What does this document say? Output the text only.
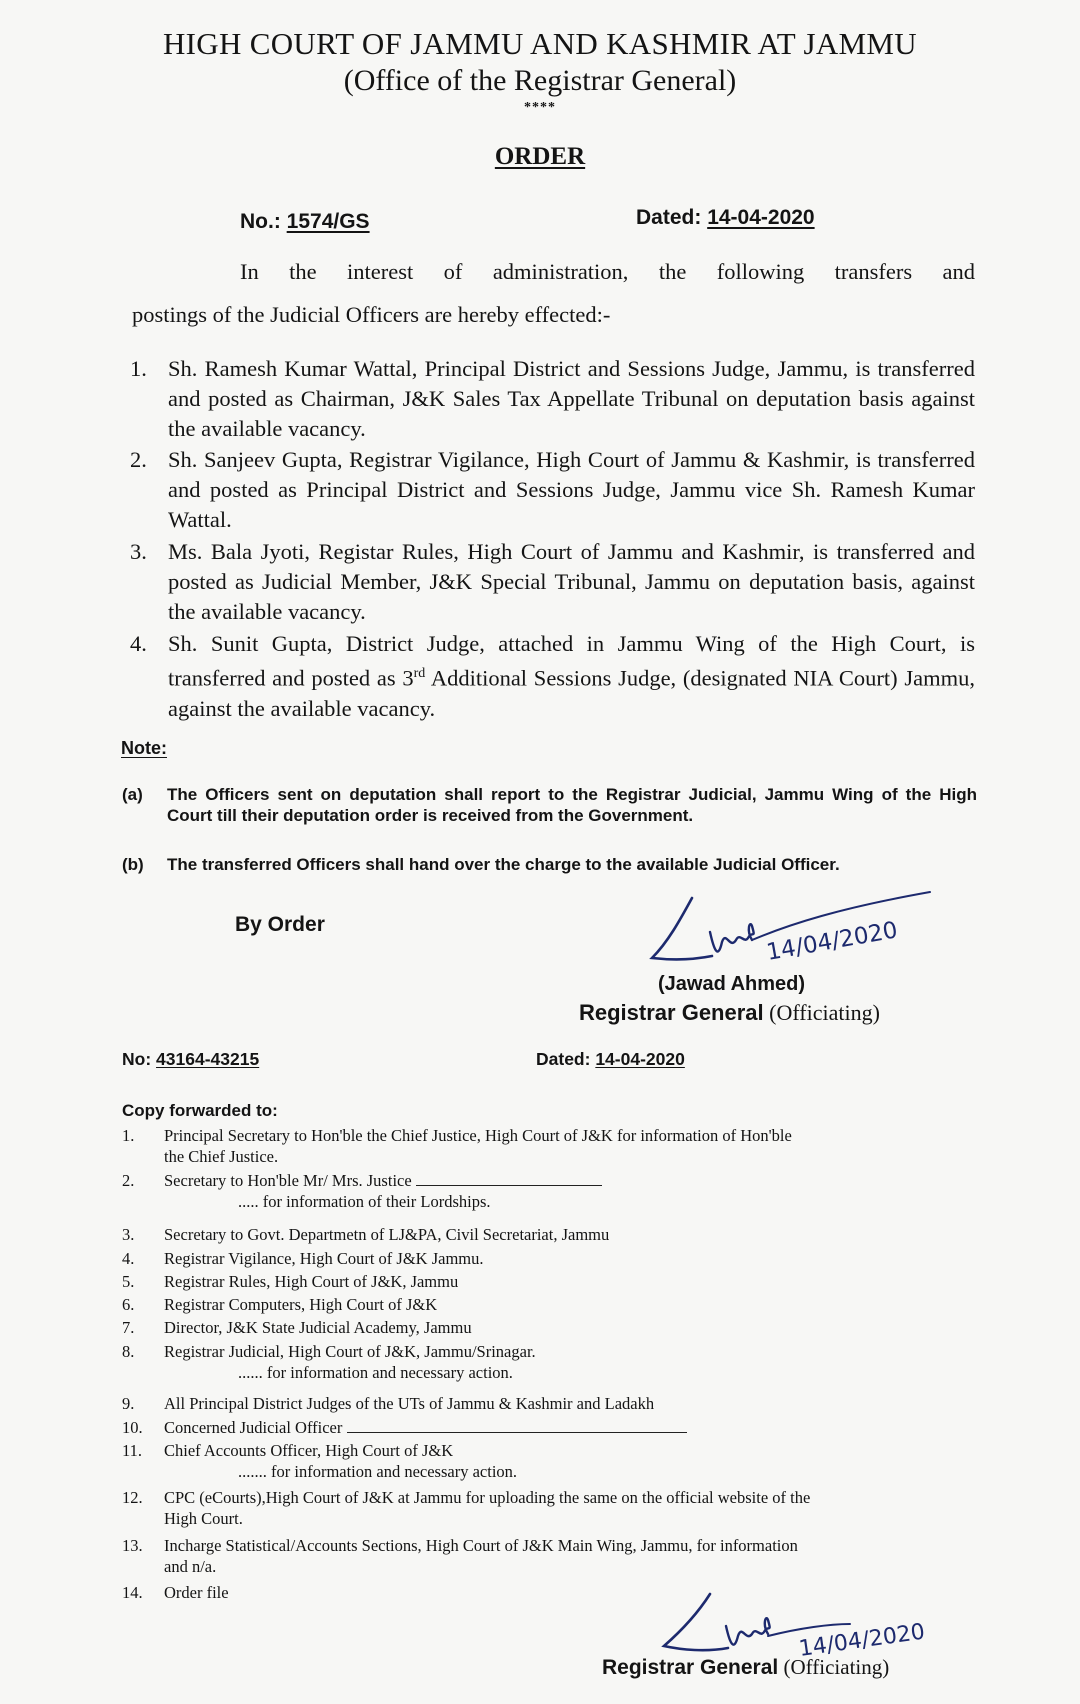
HIGH COURT OF JAMMU AND KASHMIR AT JAMMU
(Office of the Registrar General)
****
ORDER
No.: 1574/GS	Dated: 14-04-2020
In the interest of administration, the following transfers and
postings of the Judicial Officers are hereby effected:-
1. Sh. Ramesh Kumar Wattal, Principal District and Sessions Judge, Jammu, is transferred and posted as Chairman, J&K Sales Tax Appellate Tribunal on deputation basis against the available vacancy.
2. Sh. Sanjeev Gupta, Registrar Vigilance, High Court of Jammu & Kashmir, is transferred and posted as Principal District and Sessions Judge, Jammu vice Sh. Ramesh Kumar Wattal.
3. Ms. Bala Jyoti, Registar Rules, High Court of Jammu and Kashmir, is transferred and posted as Judicial Member, J&K Special Tribunal, Jammu on deputation basis, against the available vacancy.
4. Sh. Sunit Gupta, District Judge, attached in Jammu Wing of the High Court, is transferred and posted as 3rd Additional Sessions Judge, (designated NIA Court) Jammu, against the available vacancy.
Note:
(a) The Officers sent on deputation shall report to the Registrar Judicial, Jammu Wing of the High Court till their deputation order is received from the Government.
(b) The transferred Officers shall hand over the charge to the available Judicial Officer.
By Order	14/04/2020
(Jawad Ahmed)
Registrar General (Officiating)
No: 43164-43215	Dated: 14-04-2020
Copy forwarded to:
1. Principal Secretary to Hon'ble the Chief Justice, High Court of J&K for information of Hon'ble
the Chief Justice.
2. Secretary to Hon'ble Mr/ Mrs. Justice
..... for information of their Lordships.
3. Secretary to Govt. Departmetn of LJ&PA, Civil Secretariat, Jammu
4. Registrar Vigilance, High Court of J&K Jammu.
5. Registrar Rules, High Court of J&K, Jammu
6. Registrar Computers, High Court of J&K
7. Director, J&K State Judicial Academy, Jammu
8. Registrar Judicial, High Court of J&K, Jammu/Srinagar.
...... for information and necessary action.
9. All Principal District Judges of the UTs of Jammu & Kashmir and Ladakh
10. Concerned Judicial Officer
11. Chief Accounts Officer, High Court of J&K
....... for information and necessary action.
12. CPC (eCourts),High Court of J&K at Jammu for uploading the same on the official website of the
High Court.
13. Incharge Statistical/Accounts Sections, High Court of J&K Main Wing, Jammu, for information
and n/a.
14. Order file
14/04/2020
Registrar General (Officiating)
